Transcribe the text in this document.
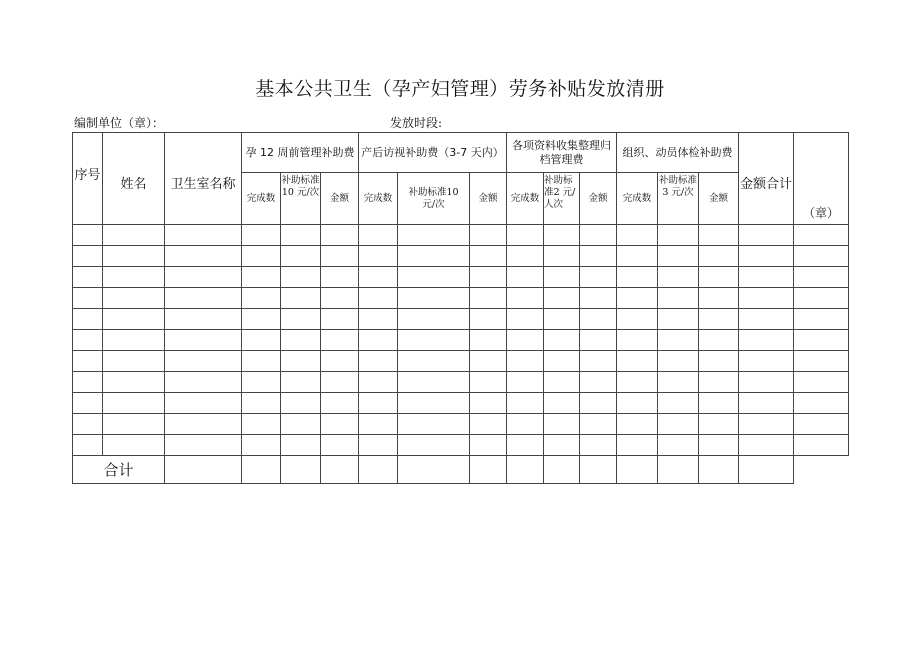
基本公共卫生（孕产妇管理）劳务补贴发放清册
编制单位（章）：	发放时段:
序号	姓名	卫生室名称	孕 12 周前管理补助费			产后访视补助费（3-7 天内）			各项资料收集整理归档管理费			组织、动员体检补助费			金额合计	（章）
			完成数	补助标准10 元/次	金额	完成数	补助标准10 元/次	金额	完成数	补助标准2 元/人次	金额	完成数	补助标准3 元/次	金额		

合计																
